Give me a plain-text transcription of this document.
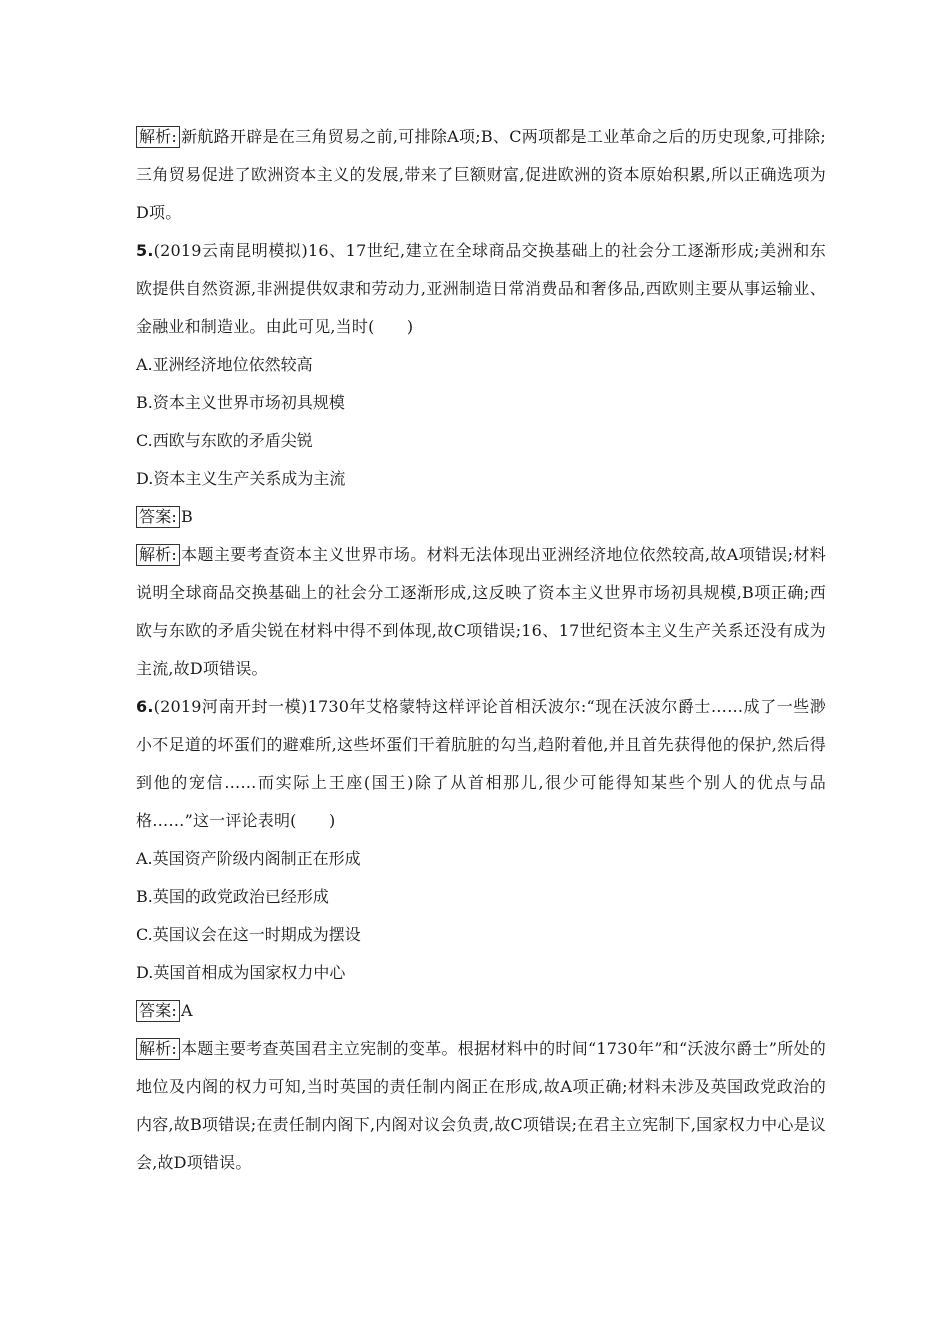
解析: 新航路开辟是在三角贸易之前,可排除A项;B、C两项都是工业革命之后的历史现象,可排除;三角贸易促进了欧洲资本主义的发展,带来了巨额财富,促进欧洲的资本原始积累,所以正确选项为D项。

5.(2019云南昆明模拟)16、17世纪,建立在全球商品交换基础上的社会分工逐渐形成;美洲和东欧提供自然资源,非洲提供奴隶和劳动力,亚洲制造日常消费品和奢侈品,西欧则主要从事运输业、金融业和制造业。由此可见,当时(　　)

A.亚洲经济地位依然较高

B.资本主义世界市场初具规模

C.西欧与东欧的矛盾尖锐

D.资本主义生产关系成为主流

答案: B

解析: 本题主要考查资本主义世界市场。材料无法体现出亚洲经济地位依然较高,故A项错误;材料说明全球商品交换基础上的社会分工逐渐形成,这反映了资本主义世界市场初具规模,B项正确;西欧与东欧的矛盾尖锐在材料中得不到体现,故C项错误;16、17世纪资本主义生产关系还没有成为主流,故D项错误。

6.(2019河南开封一模)1730年艾格蒙特这样评论首相沃波尔:“现在沃波尔爵士……成了一些渺小不足道的坏蛋们的避难所,这些坏蛋们干着肮脏的勾当,趋附着他,并且首先获得他的保护,然后得到他的宠信……而实际上王座(国王)除了从首相那儿,很少可能得知某些个别人的优点与品格……”这一评论表明(　　)

A.英国资产阶级内阁制正在形成

B.英国的政党政治已经形成

C.英国议会在这一时期成为摆设

D.英国首相成为国家权力中心

答案: A

解析: 本题主要考查英国君主立宪制的变革。根据材料中的时间“1730年”和“沃波尔爵士”所处的地位及内阁的权力可知,当时英国的责任制内阁正在形成,故A项正确;材料未涉及英国政党政治的内容,故B项错误;在责任制内阁下,内阁对议会负责,故C项错误;在君主立宪制下,国家权力中心是议会,故D项错误。
